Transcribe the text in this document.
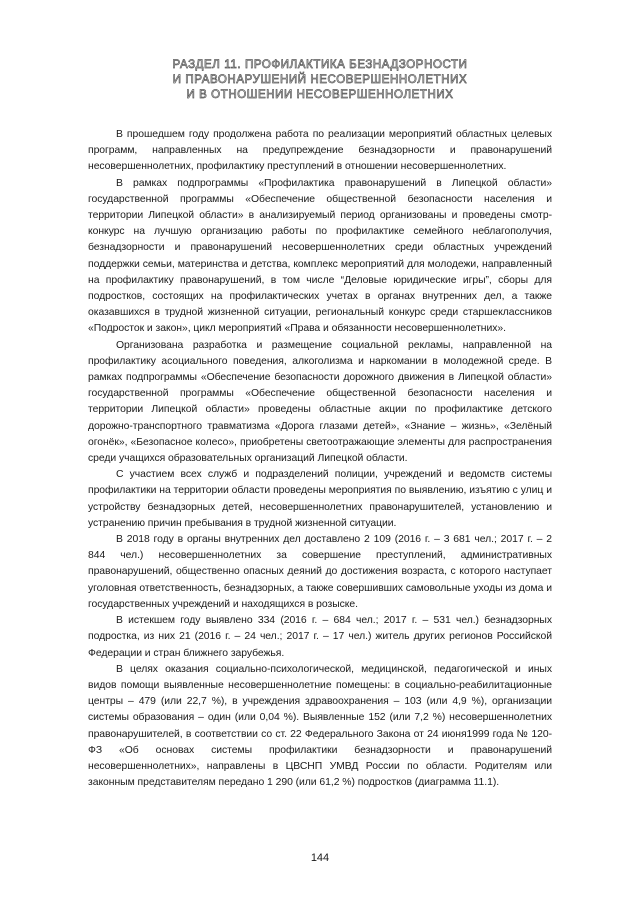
РАЗДЕЛ 11. ПРОФИЛАКТИКА БЕЗНАДЗОРНОСТИ
И ПРАВОНАРУШЕНИЙ НЕСОВЕРШЕННОЛЕТНИХ
И В ОТНОШЕНИИ НЕСОВЕРШЕННОЛЕТНИХ

В прошедшем году продолжена работа по реализации мероприятий областных целевых программ, направленных на предупреждение безнадзорности и правонарушений несовершеннолетних, профилактику преступлений в отношении несовершеннолетних.

В рамках подпрограммы «Профилактика правонарушений в Липецкой области» государственной программы «Обеспечение общественной безопасности населения и территории Липецкой области» в анализируемый период организованы и проведены смотр-конкурс на лучшую организацию работы по профилактике семейного неблагополучия, безнадзорности и правонарушений несовершеннолетних среди областных учреждений поддержки семьи, материнства и детства, комплекс мероприятий для молодежи, направленный на профилактику правонарушений, в том числе “Деловые юридические игры”, сборы для подростков, состоящих на профилактических учетах в органах внутренних дел, а также оказавшихся в трудной жизненной ситуации, региональный конкурс среди старшеклассников «Подросток и закон», цикл мероприятий «Права и обязанности несовершеннолетних».

Организована разработка и размещение социальной рекламы, направленной на профилактику асоциального поведения, алкоголизма и наркомании в молодежной среде. В рамках подпрограммы «Обеспечение безопасности дорожного движения в Липецкой области» государственной программы «Обеспечение общественной безопасности населения и территории Липецкой области» проведены областные акции по профилактике детского дорожно-транспортного травматизма «Дорога глазами детей», «Знание – жизнь», «Зелёный огонёк», «Безопасное колесо», приобретены светоотражающие элементы для распространения среди учащихся образовательных организаций Липецкой области.

С участием всех служб и подразделений полиции, учреждений и ведомств системы профилактики на территории области проведены мероприятия по выявлению, изъятию с улиц и устройству безнадзорных детей, несовершеннолетних правонарушителей, установлению и устранению причин пребывания в трудной жизненной ситуации.

В 2018 году в органы внутренних дел доставлено 2 109 (2016 г. – 3 681 чел.; 2017 г. – 2 844 чел.) несовершеннолетних за совершение преступлений, административных правонарушений, общественно опасных деяний до достижения возраста, с которого наступает уголовная ответственность, безнадзорных, а также совершивших самовольные уходы из дома и государственных учреждений и находящихся в розыске.

В истекшем году выявлено 334 (2016 г. – 684 чел.; 2017 г. – 531 чел.) безнадзорных подростка, из них 21 (2016 г. – 24 чел.; 2017 г. – 17 чел.) житель других регионов Российской Федерации и стран ближнего зарубежья.

В целях оказания социально-психологической, медицинской, педагогической и иных видов помощи выявленные несовершеннолетние помещены: в социально-реабилитационные центры – 479 (или 22,7 %), в учреждения здравоохранения – 103 (или 4,9 %), организации системы образования – один (или 0,04 %). Выявленные 152 (или 7,2 %) несовершеннолетних правонарушителей, в соответствии со ст. 22 Федерального Закона от 24 июня1999 года № 120-ФЗ «Об основах системы профилактики безнадзорности и правонарушений несовершеннолетних», направлены в ЦВСНП УМВД России по области. Родителям или законным представителям передано 1 290 (или 61,2 %) подростков (диаграмма 11.1).

144
